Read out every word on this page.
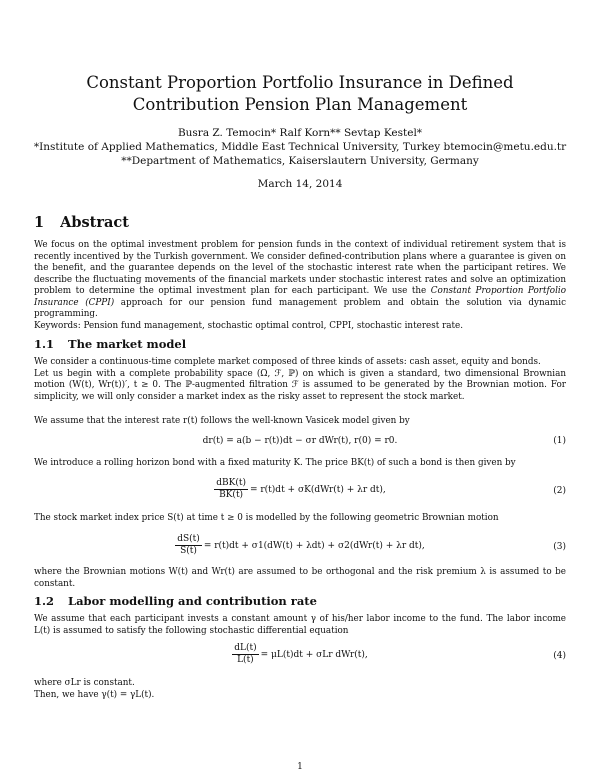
Constant Proportion Portfolio Insurance in Defined Contribution Pension Plan Management
Busra Z. Temocin* Ralf Korn** Sevtap Kestel*
*Institute of Applied Mathematics, Middle East Technical University, Turkey btemocin@metu.edu.tr
**Department of Mathematics, Kaiserslautern University, Germany
March 14, 2014
1 Abstract

We focus on the optimal investment problem for pension funds in the context of individual retirement system that is recently incentived by the Turkish government. We consider defined-contribution plans where a guarantee is given on the benefit, and the guarantee depends on the level of the stochastic interest rate when the participant retires. We describe the fluctuating movements of the financial markets under stochastic interest rates and solve an optimization problem to determine the optimal investment plan for each participant. We use the Constant Proportion Portfolio Insurance (CPPI) approach for our pension fund management problem and obtain the solution via dynamic programming.

Keywords: Pension fund management, stochastic optimal control, CPPI, stochastic interest rate.

1.1 The market model

We consider a continuous-time complete market composed of three kinds of assets: cash asset, equity and bonds.

Let us begin with a complete probability space (Ω, ℱ, ℙ) on which is given a standard, two dimensional Brownian motion (W(t), Wr(t))′, t ≥ 0. The ℙ-augmented filtration ℱ is assumed to be generated by the Brownian motion. For simplicity, we will only consider a market index as the risky asset to represent the stock market.

We assume that the interest rate r(t) follows the well-known Vasicek model given by

dr(t) = a(b − r(t))dt − σr dWr(t), r(0) = r0.	(1)

We introduce a rolling horizon bond with a fixed maturity K. The price BK(t) of such a bond is then given by

$\frac{\text{dBK(t)}}{BK(t)} = r(t)dt + \sigma K(dWr(t) + \lambda r$ dt),	(2)

The stock market index price S(t) at time t ≥ 0 is modelled by the following geometric Brownian motion

$\frac{dS(t)}{S(t)} = r(t)dt + \sigma 1(dW(t) + \lambda dt) + \sigma 2(dWr(t) + \lambda r$ dt),	(3)

where the Brownian motions W(t) and Wr(t) are assumed to be orthogonal and the risk premium λ is assumed to be constant.

1.2 Labor modelling and contribution rate

We assume that each participant invests a constant amount γ of his/her labor income to the fund. The labor income L(t) is assumed to satisfy the following stochastic differential equation

$\frac{dL(t)}{L(t)} = \mu L(t)dt + \sigma Lr$ dWr(t),	(4)

where σLr is constant.

Then, we have γ(t) = γL(t).

1
